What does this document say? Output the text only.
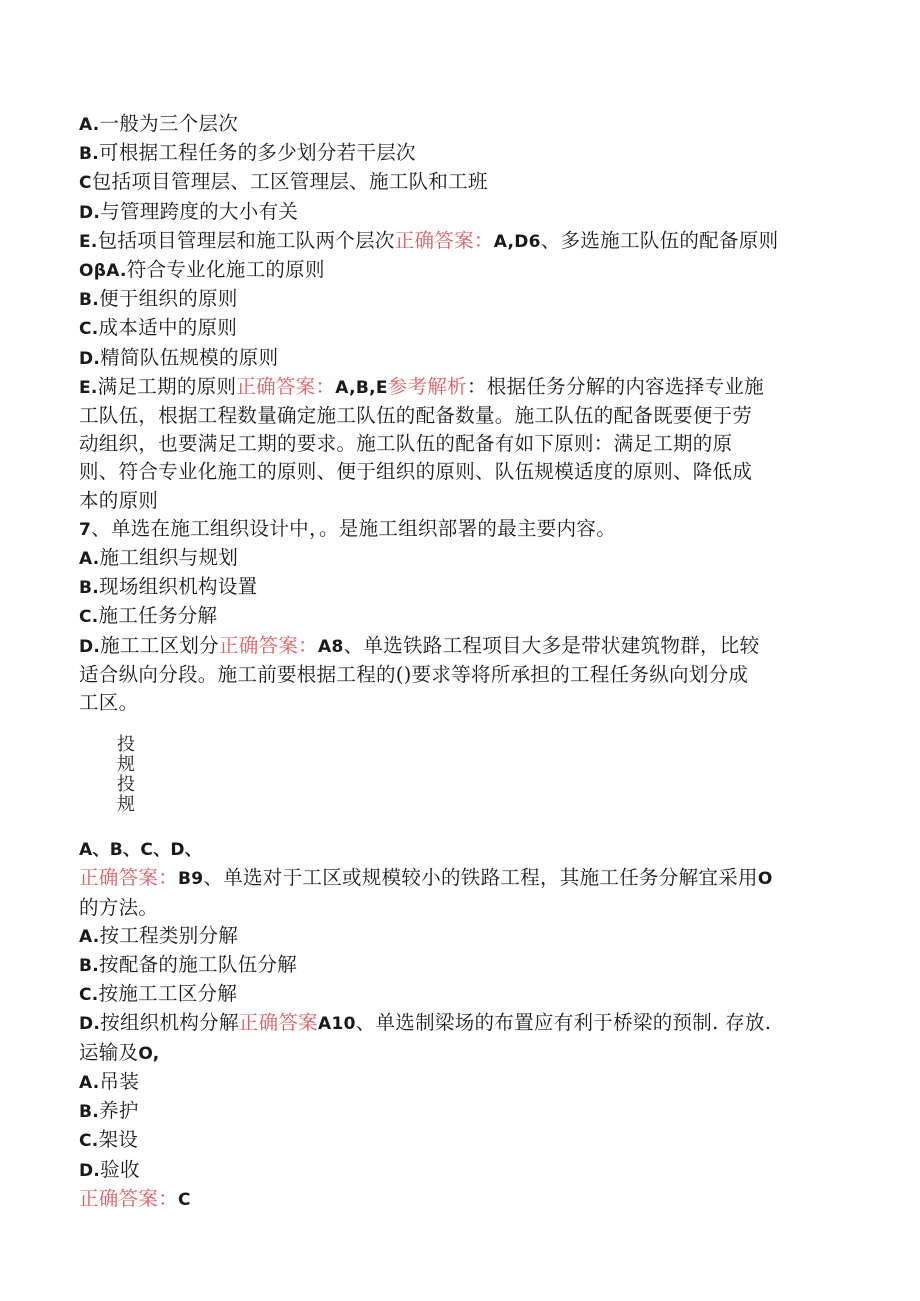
A.一般为三个层次
B.可根据工程任务的多少划分若干层次
C包括项目管理层、工区管理层、施工队和工班
D.与管理跨度的大小有关
E.包括项目管理层和施工队两个层次正确答案：A,D6、多选施工队伍的配备原则
OβA.符合专业化施工的原则
B.便于组织的原则
C.成本适中的原则
D.精简队伍规模的原则
E.满足工期的原则正确答案：A,B,E参考解析：根据任务分解的内容选择专业施
工队伍，根据工程数量确定施工队伍的配备数量。施工队伍的配备既要便于劳
动组织，也要满足工期的要求。施工队伍的配备有如下原则：满足工期的原
则、符合专业化施工的原则、便于组织的原则、队伍规模适度的原则、降低成
本的原则
7、单选在施工组织设计中，。是施工组织部署的最主要内容。
A.施工组织与规划
B.现场组织机构设置
C.施工任务分解
D.施工工区划分正确答案：A8、单选铁路工程项目大多是带状建筑物群，比较
适合纵向分段。施工前要根据工程的()要求等将所承担的工程任务纵向划分成
工区。
投
规
投
规
A、B、C、D、
正确答案：B9、单选对于工区或规模较小的铁路工程，其施工任务分解宜采用O
的方法。
A.按工程类别分解
B.按配备的施工队伍分解
C.按施工工区分解
D.按组织机构分解正确答案A10、单选制梁场的布置应有利于桥梁的预制. 存放.
运输及O,
A.吊装
B.养护
C.架设
D.验收
正确答案：C
